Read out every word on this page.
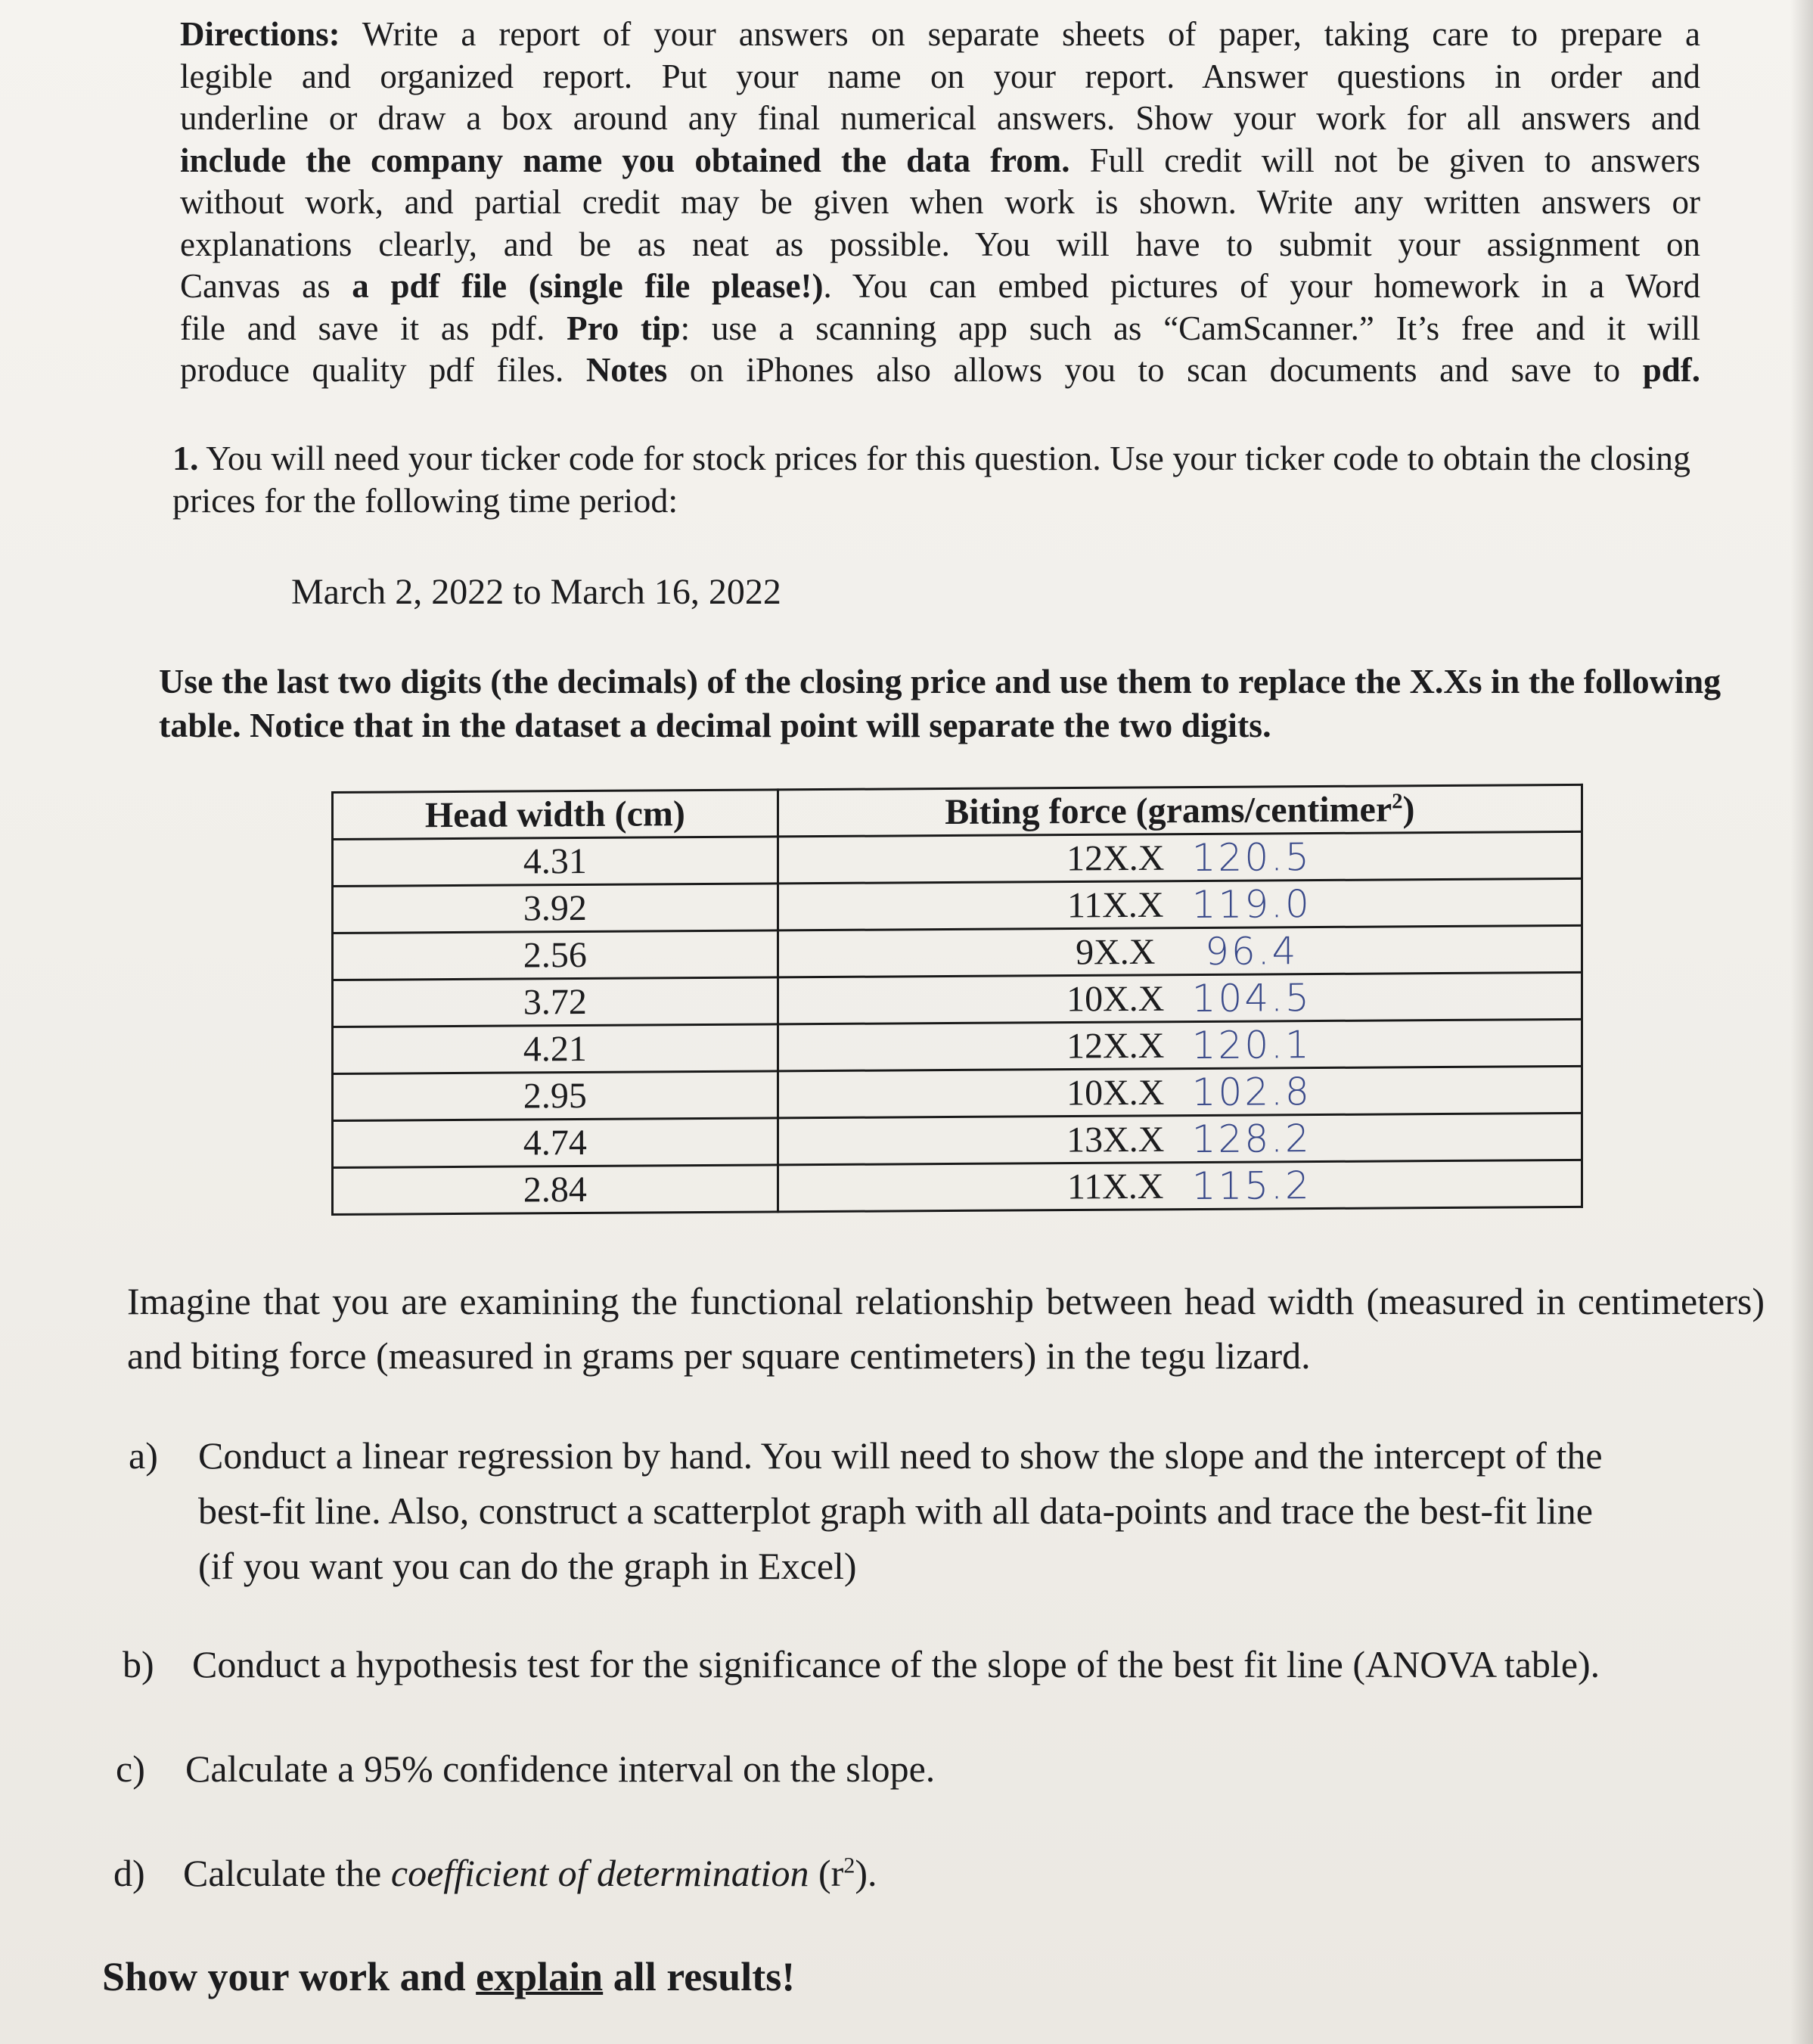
Directions: Write a report of your answers on separate sheets of paper, taking care to prepare a
legible and organized report. Put your name on your report. Answer questions in order and
underline or draw a box around any final numerical answers. Show your work for all answers and
include the company name you obtained the data from. Full credit will not be given to answers
without work, and partial credit may be given when work is shown. Write any written answers or
explanations clearly, and be as neat as possible. You will have to submit your assignment on
Canvas as a pdf file (single file please!). You can embed pictures of your homework in a Word
file and save it as pdf. Pro tip: use a scanning app such as “CamScanner.” It’s free and it will
produce quality pdf files. Notes on iPhones also allows you to scan documents and save to pdf.
1. You will need your ticker code for stock prices for this question. Use your ticker code to obtain the closing prices for the following time period:
March 2, 2022 to March 16, 2022
Use the last two digits (the decimals) of the closing price and use them to replace the X.Xs in the following table. Notice that in the dataset a decimal point will separate the two digits.
Head width (cm)	Biting force (grams/centimer$^2$)
4.31	12X.X 120.5

3.92	11X.X 119.0

2.56	9X.X 96.4

3.72	10X.X 104.5

4.21	12X.X 120.1

2.95	10X.X 102.8

4.74	13X.X 128.2

2.84	11X.X 115.2
Imagine that you are examining the functional relationship between head width (measured in centimeters) and biting force (measured in grams per square centimeters) in the tegu lizard.
a) Conduct a linear regression by hand. You will need to show the slope and the intercept of the
best-fit line. Also, construct a scatterplot graph with all data-points and trace the best-fit line
(if you want you can do the graph in Excel)
b) Conduct a hypothesis test for the significance of the slope of the best fit line (ANOVA table).
c) Calculate a 95% confidence interval on the slope.
d) Calculate the coefficient of determination $(r^2)$.
Show your work and explain all results!
